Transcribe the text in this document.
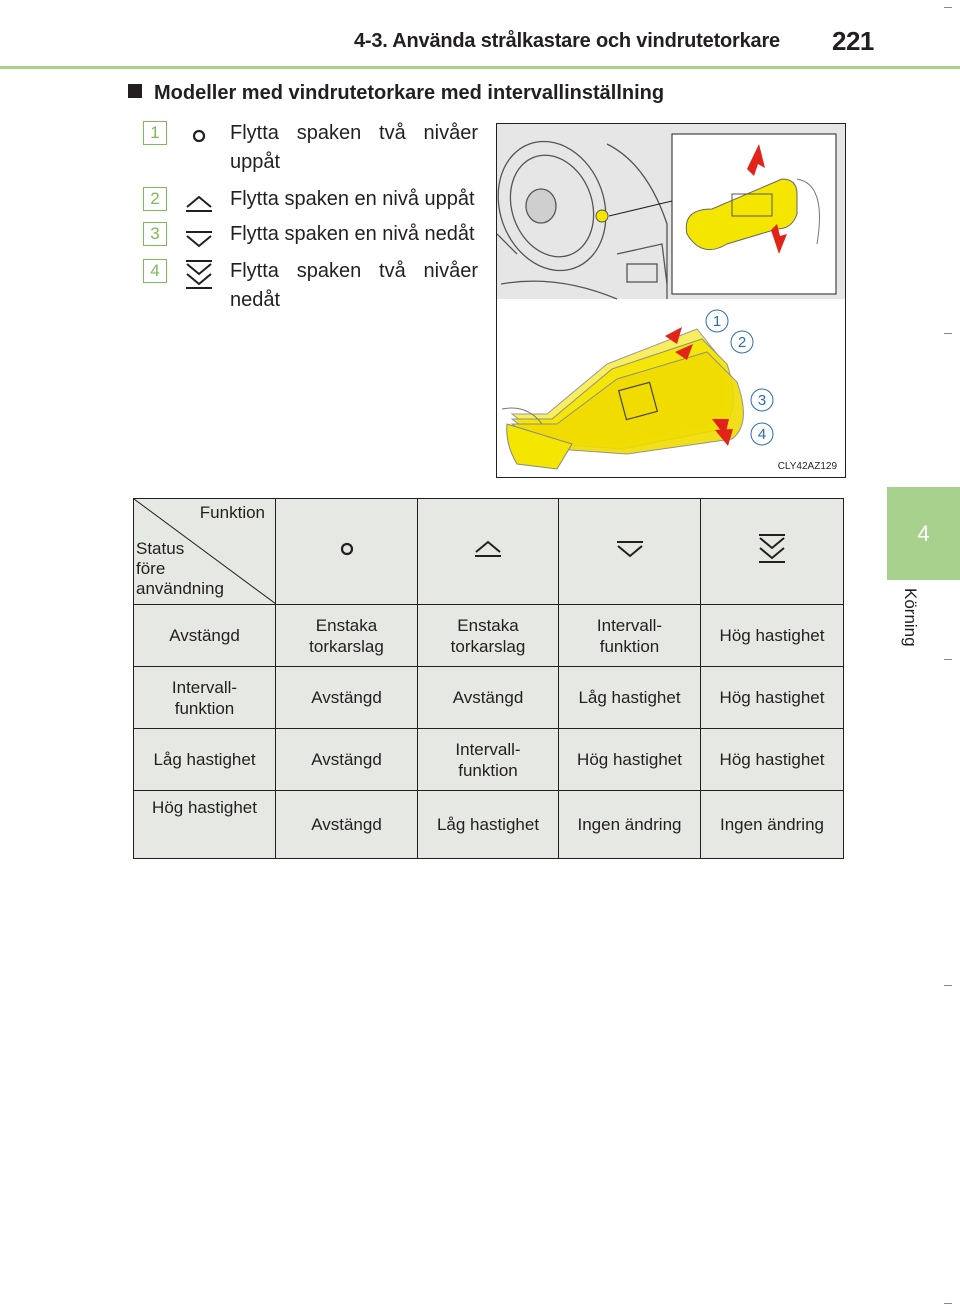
4-3. Använda strålkastare och vindrutetorkare 221
4
Körning
Modeller med vindrutetorkare med intervallinställning
1	Flytta spaken två nivåer uppåt
2	Flytta spaken en nivå uppåt
3	Flytta spaken en nivå nedåt
4	Flytta spaken två nivåer nedåt
1
2
3
4
CLY42AZ129
Funktion
Status
före
användning

Avstängd	Enstaka torkarslag	Enstaka torkarslag	Intervall-funktion	Hög hastighet
Intervall-funktion	Avstängd	Avstängd	Låg hastighet	Hög hastighet
Låg hastighet	Avstängd	Intervall-funktion	Hög hastighet	Hög hastighet
Hög hastighet	Avstängd	Låg hastighet	Ingen ändring	Ingen ändring
